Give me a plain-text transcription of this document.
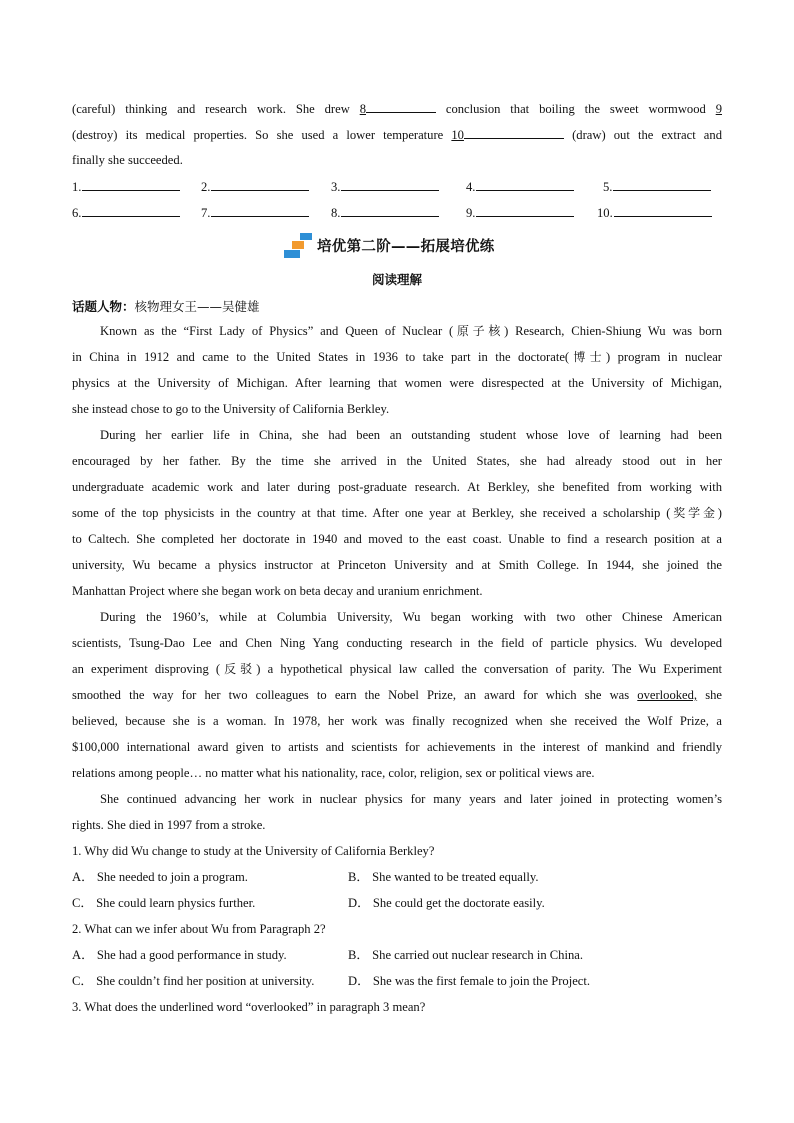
(careful) thinking and research work. She drew 8	conclusion that boiling the sweet wormwood 9
(destroy) its medical properties. So she used a lower temperature 10	(draw) out the extract and
finally she succeeded.
1.	2.	3.	4.	5.
6.	7.	8.	9.	10.
培优第二阶——拓展培优练
阅读理解
话题人物：核物理女王——吴健雄
Known as the “First Lady of Physics” and Queen of Nuclear (原子核) Research, Chien-Shiung Wu was born
in China in 1912 and came to the United States in 1936 to take part in the doctorate(博士) program in nuclear
physics at the University of Michigan. After learning that women were disrespected at the University of Michigan,
she instead chose to go to the University of California Berkley.
During her earlier life in China, she had been an outstanding student whose love of learning had been
encouraged by her father. By the time she arrived in the United States, she had already stood out in her
undergraduate academic work and later during post-graduate research. At Berkley, she benefited from working with
some of the top physicists in the country at that time. After one year at Berkley, she received a scholarship (奖学金)
to Caltech. She completed her doctorate in 1940 and moved to the east coast. Unable to find a research position at a
university, Wu became a physics instructor at Princeton University and at Smith College. In 1944, she joined the
Manhattan Project where she began work on beta decay and uranium enrichment.
During the 1960’s, while at Columbia University, Wu began working with two other Chinese American
scientists, Tsung-Dao Lee and Chen Ning Yang conducting research in the field of particle physics. Wu developed
an experiment disproving (反驳) a hypothetical physical law called the conversation of parity. The Wu Experiment
smoothed the way for her two colleagues to earn the Nobel Prize, an award for which she was overlooked, she
believed, because she is a woman. In 1978, her work was finally recognized when she received the Wolf Prize, a
$100,000 international award given to artists and scientists for achievements in the interest of mankind and friendly
relations among people… no matter what his nationality, race, color, religion, sex or political views are.
She continued advancing her work in nuclear physics for many years and later joined in protecting women’s
rights. She died in 1997 from a stroke.
1. Why did Wu change to study at the University of California Berkley?
A． She needed to join a program.	B． She wanted to be treated equally.
C． She could learn physics further.	D． She could get the doctorate easily.
2. What can we infer about Wu from Paragraph 2?
A． She had a good performance in study.	B． She carried out nuclear research in China.
C． She couldn’t find her position at university.	D． She was the first female to join the Project.
3. What does the underlined word “overlooked” in paragraph 3 mean?
